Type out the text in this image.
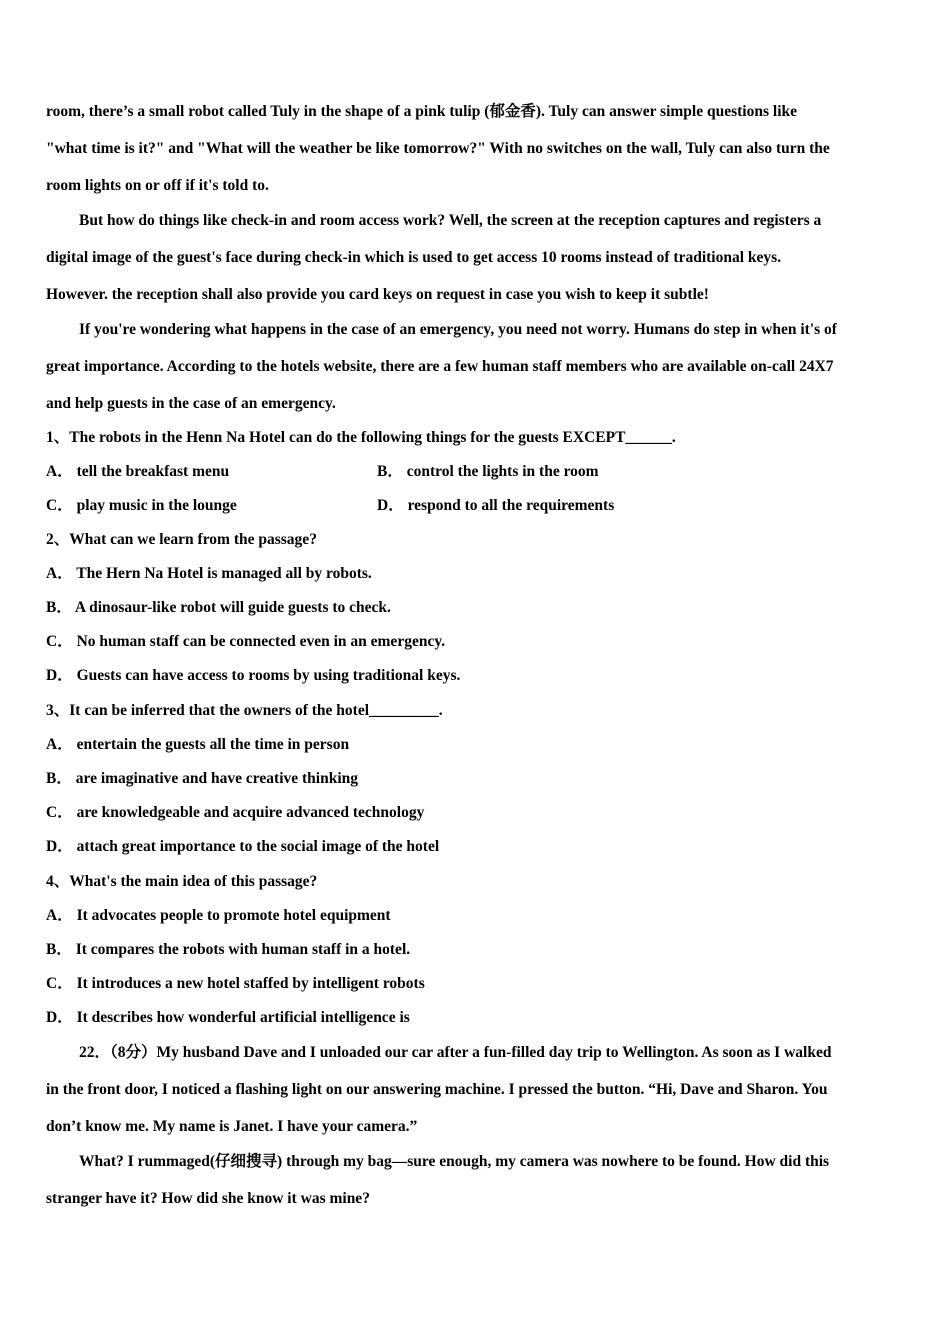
room, there’s a small robot called Tuly in the shape of a pink tulip (郁金香). Tuly can answer simple questions like
"what time is it?" and "What will the weather be like tomorrow?" With no switches on the wall, Tuly can also turn the
room lights on or off if it's told to.
But how do things like check-in and room access work? Well, the screen at the reception captures and registers a
digital image of the guest's face during check-in which is used to get access 10 rooms instead of traditional keys.
However. the reception shall also provide you card keys on request in case you wish to keep it subtle!
If you're wondering what happens in the case of an emergency, you need not worry. Humans do step in when it's of
great importance. According to the hotels website, there are a few human staff members who are available on-call 24X7
and help guests in the case of an emergency.
1、The robots in the Henn Na Hotel can do the following things for the guests EXCEPT______.
A． tell the breakfast menu	B． control the lights in the room
C． play music in the lounge	D． respond to all the requirements
2、What can we learn from the passage?
A． The Hern Na Hotel is managed all by robots.
B． A dinosaur-like robot will guide guests to check.
C． No human staff can be connected even in an emergency.
D． Guests can have access to rooms by using traditional keys.
3、It can be inferred that the owners of the hotel_________.
A． entertain the guests all the time in person
B． are imaginative and have creative thinking
C． are knowledgeable and acquire advanced technology
D． attach great importance to the social image of the hotel
4、What's the main idea of this passage?
A． It advocates people to promote hotel equipment
B． It compares the robots with human staff in a hotel.
C． It introduces a new hotel staffed by intelligent robots
D． It describes how wonderful artificial intelligence is
22．（8分）My husband Dave and I unloaded our car after a fun-filled day trip to Wellington. As soon as I walked
in the front door, I noticed a flashing light on our answering machine. I pressed the button. “Hi, Dave and Sharon. You
don’t know me. My name is Janet. I have your camera.”
What? I rummaged(仔细搜寻) through my bag—sure enough, my camera was nowhere to be found. How did this
stranger have it? How did she know it was mine?
